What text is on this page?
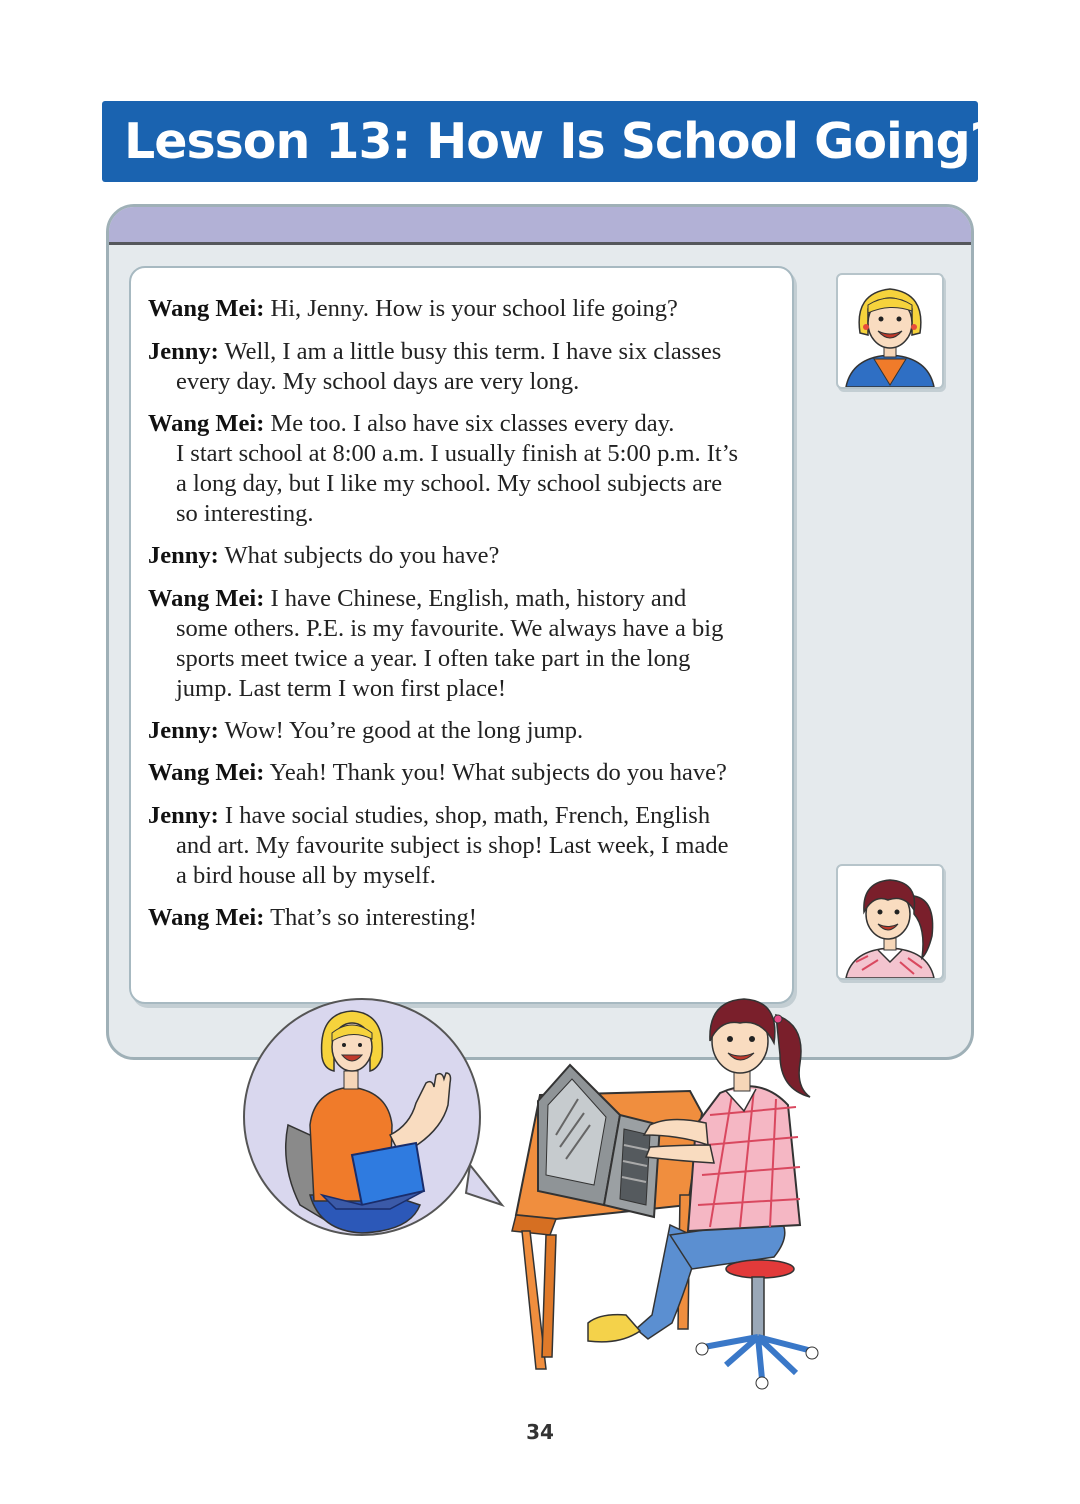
Lesson 13: How Is School Going?
Wang Mei: Hi, Jenny. How is your school life going?
Jenny: Well, I am a little busy this term. I have six classes
every day. My school days are very long.
Wang Mei: Me too. I also have six classes every day.
I start school at 8:00 a.m. I usually finish at 5:00 p.m. It’s
a long day, but I like my school. My school subjects are
so interesting.
Jenny: What subjects do you have?
Wang Mei: I have Chinese, English, math, history and
some others. P.E. is my favourite. We always have a big
sports meet twice a year. I often take part in the long
jump. Last term I won first place!
Jenny: Wow! You’re good at the long jump.
Wang Mei: Yeah! Thank you! What subjects do you have?
Jenny: I have social studies, shop, math, French, English
and art. My favourite subject is shop! Last week, I made
a bird house all by myself.
Wang Mei: That’s so interesting!
34
